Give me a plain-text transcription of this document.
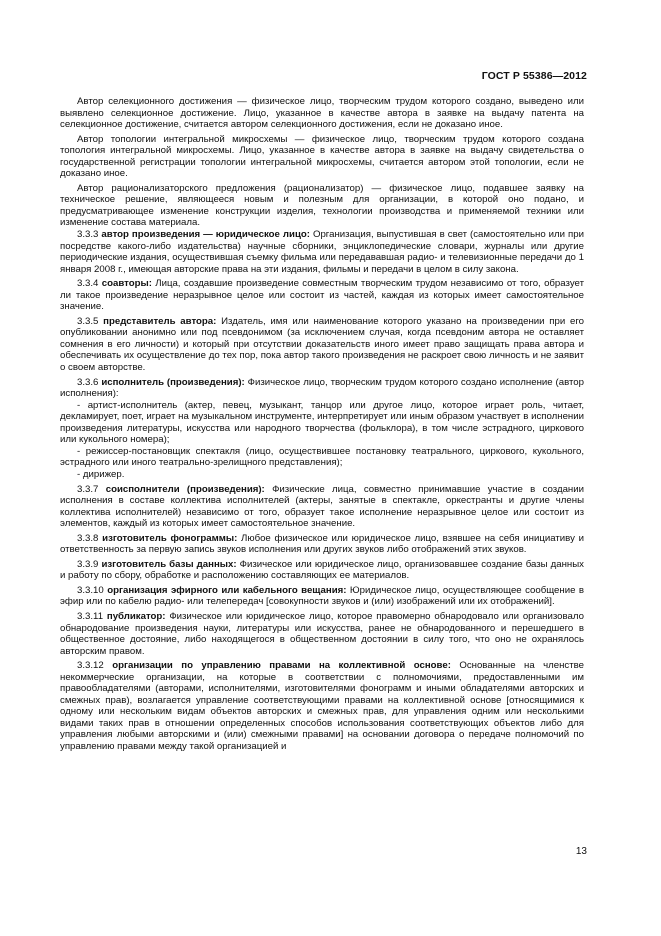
ГОСТ Р 55386—2012

Автор селекционного достижения — физическое лицо, творческим трудом которого создано, выведено или выявлено селекционное достижение. Лицо, указанное в качестве автора в заявке на выдачу патента на селекционное достижение, считается автором селекционного достижения, если не доказано иное.

Автор топологии интегральной микросхемы — физическое лицо, творческим трудом которого создана топология интегральной микросхемы. Лицо, указанное в качестве автора в заявке на выдачу свидетельства о государственной регистрации топологии интегральной микросхемы, считается автором этой топологии, если не доказано иное.

Автор рационализаторского предложения (рационализатор) — физическое лицо, подавшее заявку на техническое решение, являющееся новым и полезным для организации, в которой оно подано, и предусматривающее изменение конструкции изделия, технологии производства и применяемой техники или изменение состава материала.

3.3.3 автор произведения — юридическое лицо: Организация, выпустившая в свет (самостоятельно или при посредстве какого-либо издательства) научные сборники, энциклопедические словари, журналы или другие периодические издания, осуществившая съемку фильма или передававшая радио- и телевизионные передачи до 1 января 2008 г., имеющая авторские права на эти издания, фильмы и передачи в целом в силу закона.

3.3.4 соавторы: Лица, создавшие произведение совместным творческим трудом независимо от того, образует ли такое произведение неразрывное целое или состоит из частей, каждая из которых имеет самостоятельное значение.

3.3.5 представитель автора: Издатель, имя или наименование которого указано на произведении при его опубликовании анонимно или под псевдонимом (за исключением случая, когда псевдоним автора не оставляет сомнения в его личности) и который при отсутствии доказательств иного имеет право защищать права автора и обеспечивать их осуществление до тех пор, пока автор такого произведения не раскроет свою личность и не заявит о своем авторстве.

3.3.6 исполнитель (произведения): Физическое лицо, творческим трудом которого создано исполнение (автор исполнения):

- артист-исполнитель (актер, певец, музыкант, танцор или другое лицо, которое играет роль, читает, декламирует, поет, играет на музыкальном инструменте, интерпретирует или иным образом участвует в исполнении произведения литературы, искусства или народного творчества (фольклора), в том числе эстрадного, циркового или кукольного номера);

- режиссер-постановщик спектакля (лицо, осуществившее постановку театрального, циркового, кукольного, эстрадного или иного театрально-зрелищного представления);

- дирижер.

3.3.7 соисполнители (произведения): Физические лица, совместно принимавшие участие в создании исполнения в составе коллектива исполнителей (актеры, занятые в спектакле, оркестранты и другие члены коллектива исполнителей) независимо от того, образует такое исполнение неразрывное целое или состоит из элементов, каждый из которых имеет самостоятельное значение.

3.3.8 изготовитель фонограммы: Любое физическое или юридическое лицо, взявшее на себя инициативу и ответственность за первую запись звуков исполнения или других звуков либо отображений этих звуков.

3.3.9 изготовитель базы данных: Физическое или юридическое лицо, организовавшее создание базы данных и работу по сбору, обработке и расположению составляющих ее материалов.

3.3.10 организация эфирного или кабельного вещания: Юридическое лицо, осуществляющее сообщение в эфир или по кабелю радио- или телепередач [совокупности звуков и (или) изображений или их отображений].

3.3.11 публикатор: Физическое или юридическое лицо, которое правомерно обнародовало или организовало обнародование произведения науки, литературы или искусства, ранее не обнародованного и перешедшего в общественное достояние, либо находящегося в общественном достоянии в силу того, что оно не охранялось авторским правом.

3.3.12 организации по управлению правами на коллективной основе: Основанные на членстве некоммерческие организации, на которые в соответствии с полномочиями, предоставленными им правообладателями (авторами, исполнителями, изготовителями фонограмм и иными обладателями авторских и смежных прав), возлагается управление соответствующими правами на коллективной основе [относящимися к одному или нескольким видам объектов авторских и смежных прав, для управления одним или несколькими видами таких прав в отношении определенных способов использования соответствующих объектов либо для управления любыми авторскими и (или) смежными правами] на основании договора о передаче полномочий по управлению правами между такой организацией и

13
